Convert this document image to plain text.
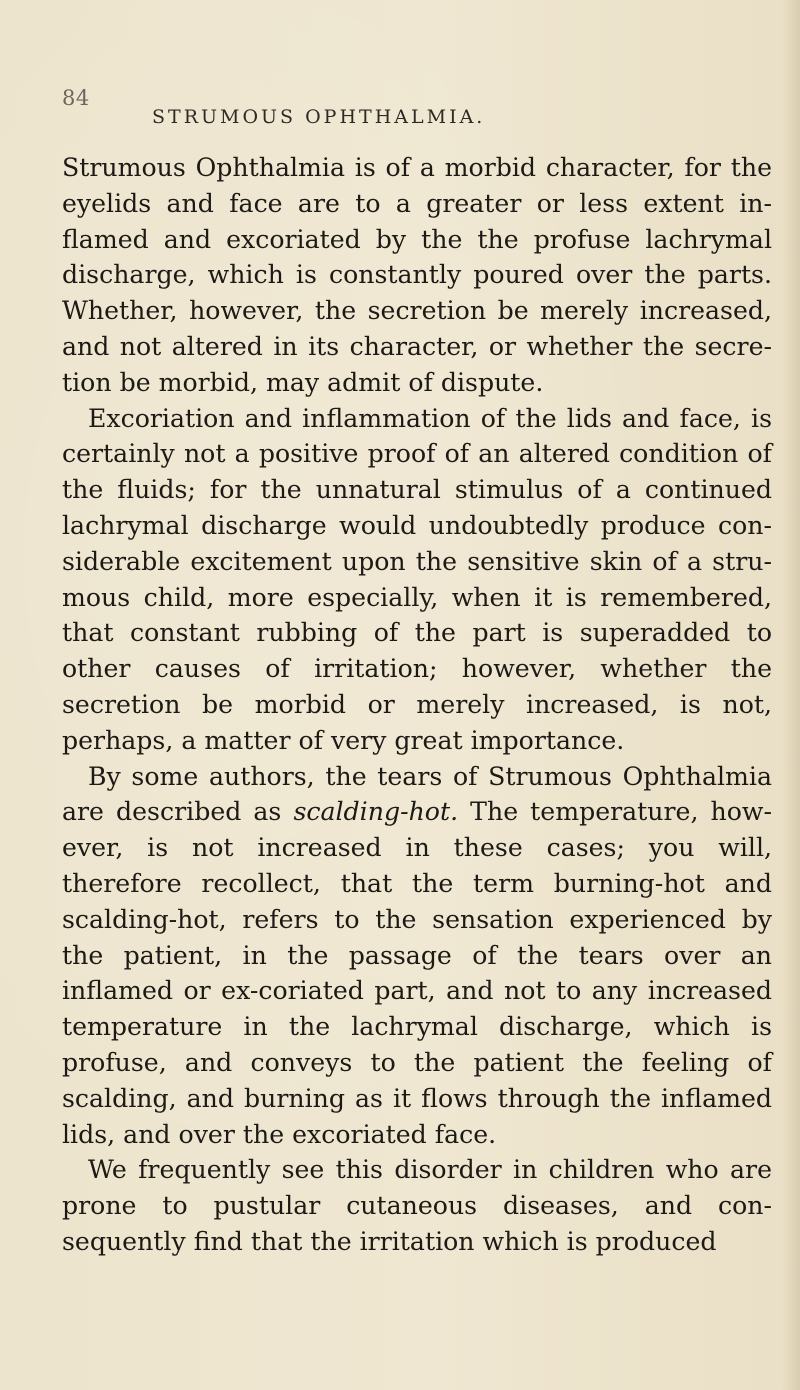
84
STRUMOUS OPHTHALMIA.

Strumous Ophthalmia is of a morbid character, for the eyelids and face are to a greater or less extent in-flamed and excoriated by the the profuse lachrymal discharge, which is constantly poured over the parts. Whether, however, the secretion be merely increased, and not altered in its character, or whether the secre-tion be morbid, may admit of dispute.

Excoriation and inflammation of the lids and face, is certainly not a positive proof of an altered condition of the fluids; for the unnatural stimulus of a continued lachrymal discharge would undoubtedly produce con-siderable excitement upon the sensitive skin of a stru-mous child, more especially, when it is remembered, that constant rubbing of the part is superadded to other causes of irritation; however, whether the secretion be morbid or merely increased, is not, perhaps, a matter of very great importance.

By some authors, the tears of Strumous Ophthalmia are described as scalding-hot. The temperature, how-ever, is not increased in these cases; you will, therefore recollect, that the term burning-hot and scalding-hot, refers to the sensation experienced by the patient, in the passage of the tears over an inflamed or ex-coriated part, and not to any increased temperature in the lachrymal discharge, which is profuse, and conveys to the patient the feeling of scalding, and burning as it flows through the inflamed lids, and over the excoriated face.

We frequently see this disorder in children who are prone to pustular cutaneous diseases, and con-sequently find that the irritation which is produced
